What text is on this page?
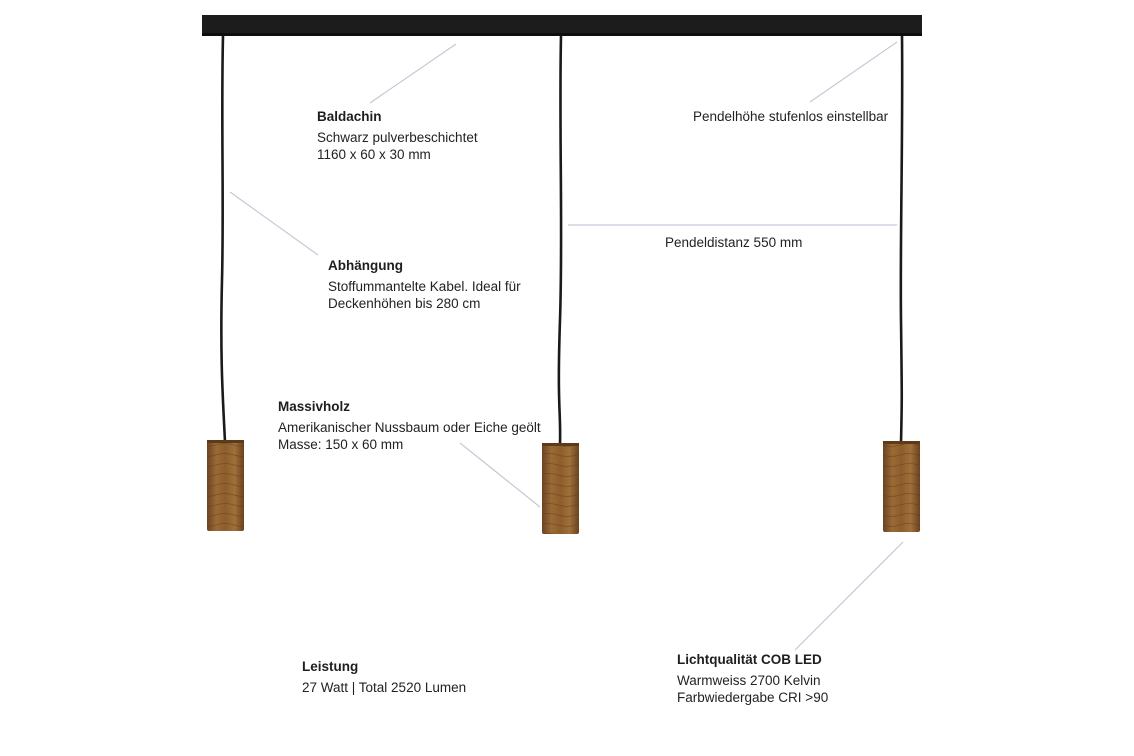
Baldachin
Schwarz pulverbeschichtet
1160 x 60 x 30 mm
Pendelhöhe stufenlos einstellbar
Pendeldistanz 550 mm
Abhängung
Stoffummantelte Kabel. Ideal für
Deckenhöhen bis 280 cm
Massivholz
Amerikanischer Nussbaum oder Eiche geölt
Masse: 150 x 60 mm
Leistung
27 Watt | Total 2520 Lumen
Lichtqualität COB LED
Warmweiss 2700 Kelvin
Farbwiedergabe CRI >90
